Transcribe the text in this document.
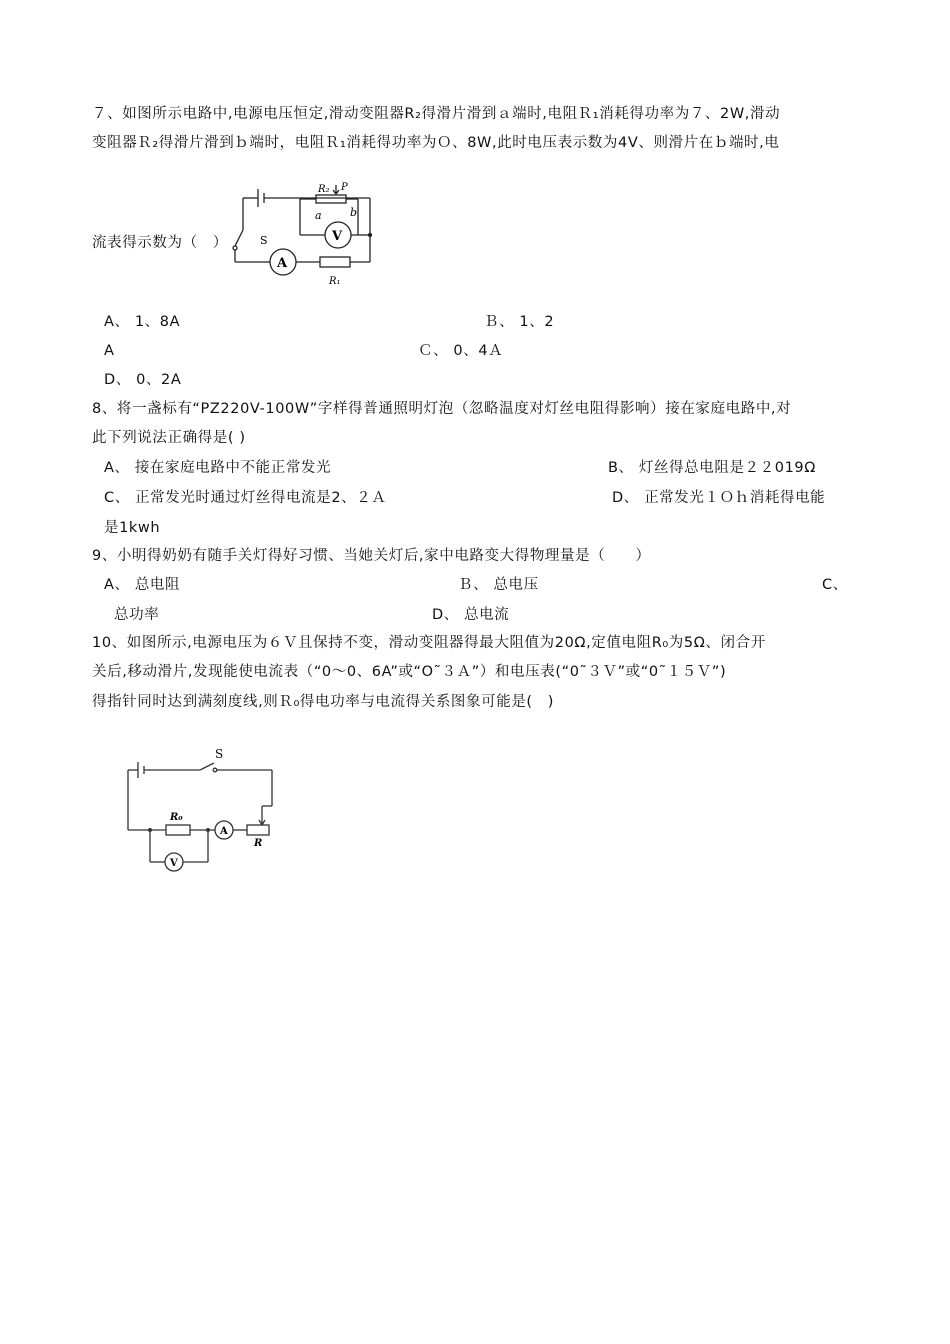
７、如图所示电路中,电源电压恒定,滑动变阻器R₂得滑片滑到ａ端时,电阻Ｒ₁消耗得功率为７、2W,滑动
变阻器Ｒ₂得滑片滑到ｂ端时，电阻Ｒ₁消耗得功率为Ｏ、8W,此时电压表示数为4V、则滑片在ｂ端时,电
流表得示数为（　）
R₂ P
a	b
S	V
A
R₁
A、 1、8A	Ｂ、 1、2
A	Ｃ、 0、4Ａ
D、 0、2A
8、将一盏标有“PZ220V-100W”字样得普通照明灯泡（忽略温度对灯丝电阻得影响）接在家庭电路中,对
此下列说法正确得是( )
A、 接在家庭电路中不能正常发光	B、 灯丝得总电阻是２２019Ω
C、 正常发光时通过灯丝得电流是2、２Ａ	D、 正常发光１Ｏｈ消耗得电能
是1kwh
9、小明得奶奶有随手关灯得好习惯、当她关灯后,家中电路变大得物理量是（　　）
A、 总电阻	Ｂ、 总电压	C、
总功率	D、 总电流
10、如图所示,电源电压为６Ｖ且保持不变，滑动变阻器得最大阻值为20Ω,定值电阻R₀为5Ω、闭合开
关后,移动滑片,发现能使电流表（“0～0、6A”或“O˜３Ａ”）和电压表(“0˜３Ｖ”或“0˜１５Ｖ”)
得指针同时达到满刻度线,则Ｒ₀得电功率与电流得关系图象可能是(　)
S
R₀
A
V
R
